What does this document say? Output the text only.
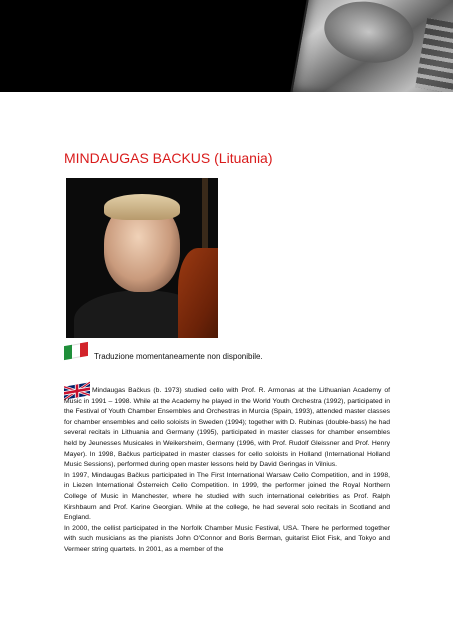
MINDAUGAS BACKUS (Lituania)
Traduzione momentaneamente non disponibile.

Mindaugas Bačkus (b. 1973) studied cello with Prof. R. Armonas at the Lithuanian Academy of Music in 1991 – 1998. While at the Academy he played in the World Youth Orchestra (1992), participated in the Festival of Youth Chamber Ensembles and Orchestras in Murcia (Spain, 1993), attended master classes for chamber ensembles and cello soloists in Sweden (1994); together with D. Rubinas (double-bass) he had several recitals in Lithuania and Germany (1995), participated in master classes for chamber ensembles held by Jeunesses Musicales in Weikersheim, Germany (1996, with Prof. Rudolf Gleissner and Prof. Henry Mayer). In 1998, Bačkus participated in master classes for cello soloists in Holland (International Holland Music Sessions), performed during open master lessons held by David Geringas in Vilnius.

In 1997, Mindaugas Bačkus participated in The First International Warsaw Cello Competition, and in 1998, in Liezen International Österreich Cello Competition. In 1999, the performer joined the Royal Northern College of Music in Manchester, where he studied with such international celebrities as Prof. Ralph Kirshbaum and Prof. Karine Georgian. While at the college, he had several solo recitals in Scotland and England.

In 2000, the cellist participated in the Norfolk Chamber Music Festival, USA. There he performed together with such musicians as the pianists John O'Connor and Boris Berman, guitarist Eliot Fisk, and Tokyo and Vermeer string quartets. In 2001, as a member of the
